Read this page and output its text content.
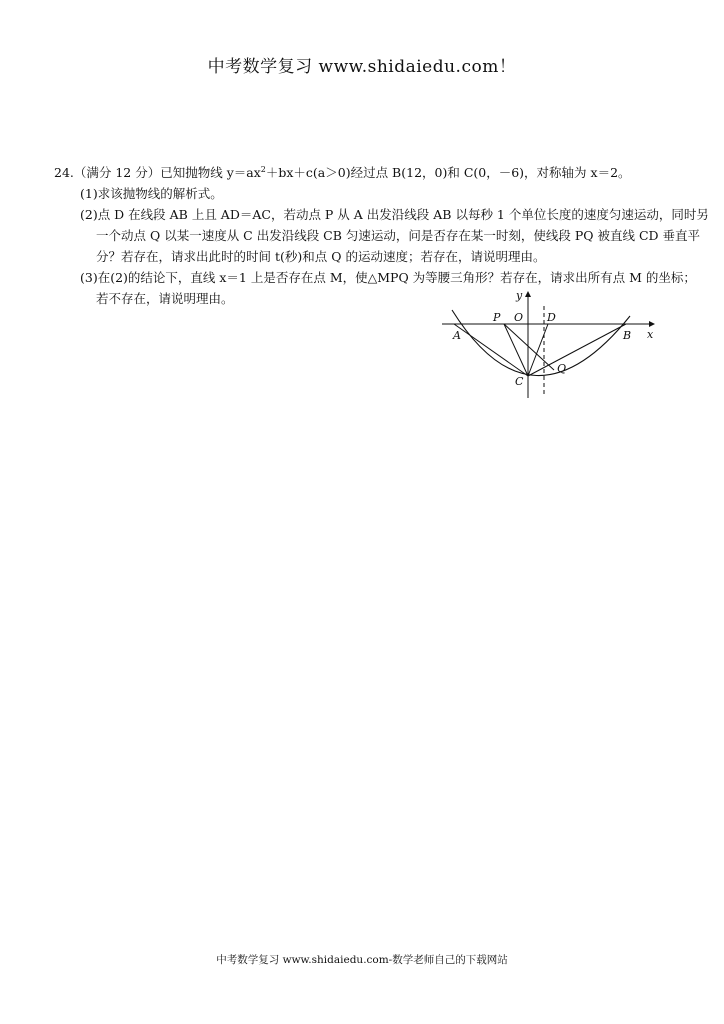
中考数学复习 www.shidaiedu.com！
24.（满分 12 分）已知抛物线 $y=ax^2+bx+c(a>0)$经过点 B(12，0)和 C(0，－6)，对称轴为 x＝2。
(1)求该抛物线的解析式。
(2)点 D 在线段 AB 上且 AD＝AC，若动点 P 从 A 出发沿线段 AB 以每秒 1 个单位长度的速度匀速运动，同时另
一个动点 Q 以某一速度从 C 出发沿线段 CB 匀速运动，问是否存在某一时刻，使线段 PQ 被直线 CD 垂直平
分？若存在，请求出此时的时间 t(秒)和点 Q 的运动速度；若存在，请说明理由。
(3)在(2)的结论下，直线 x＝1 上是否存在点 M，使△MPQ 为等腰三角形？若存在，请求出所有点 M 的坐标；
若不存在，请说明理由。	y
x
A	B
C
D
O
P
Q
中考数学复习 www.shidaiedu.com-数学老师自己的下载网站
